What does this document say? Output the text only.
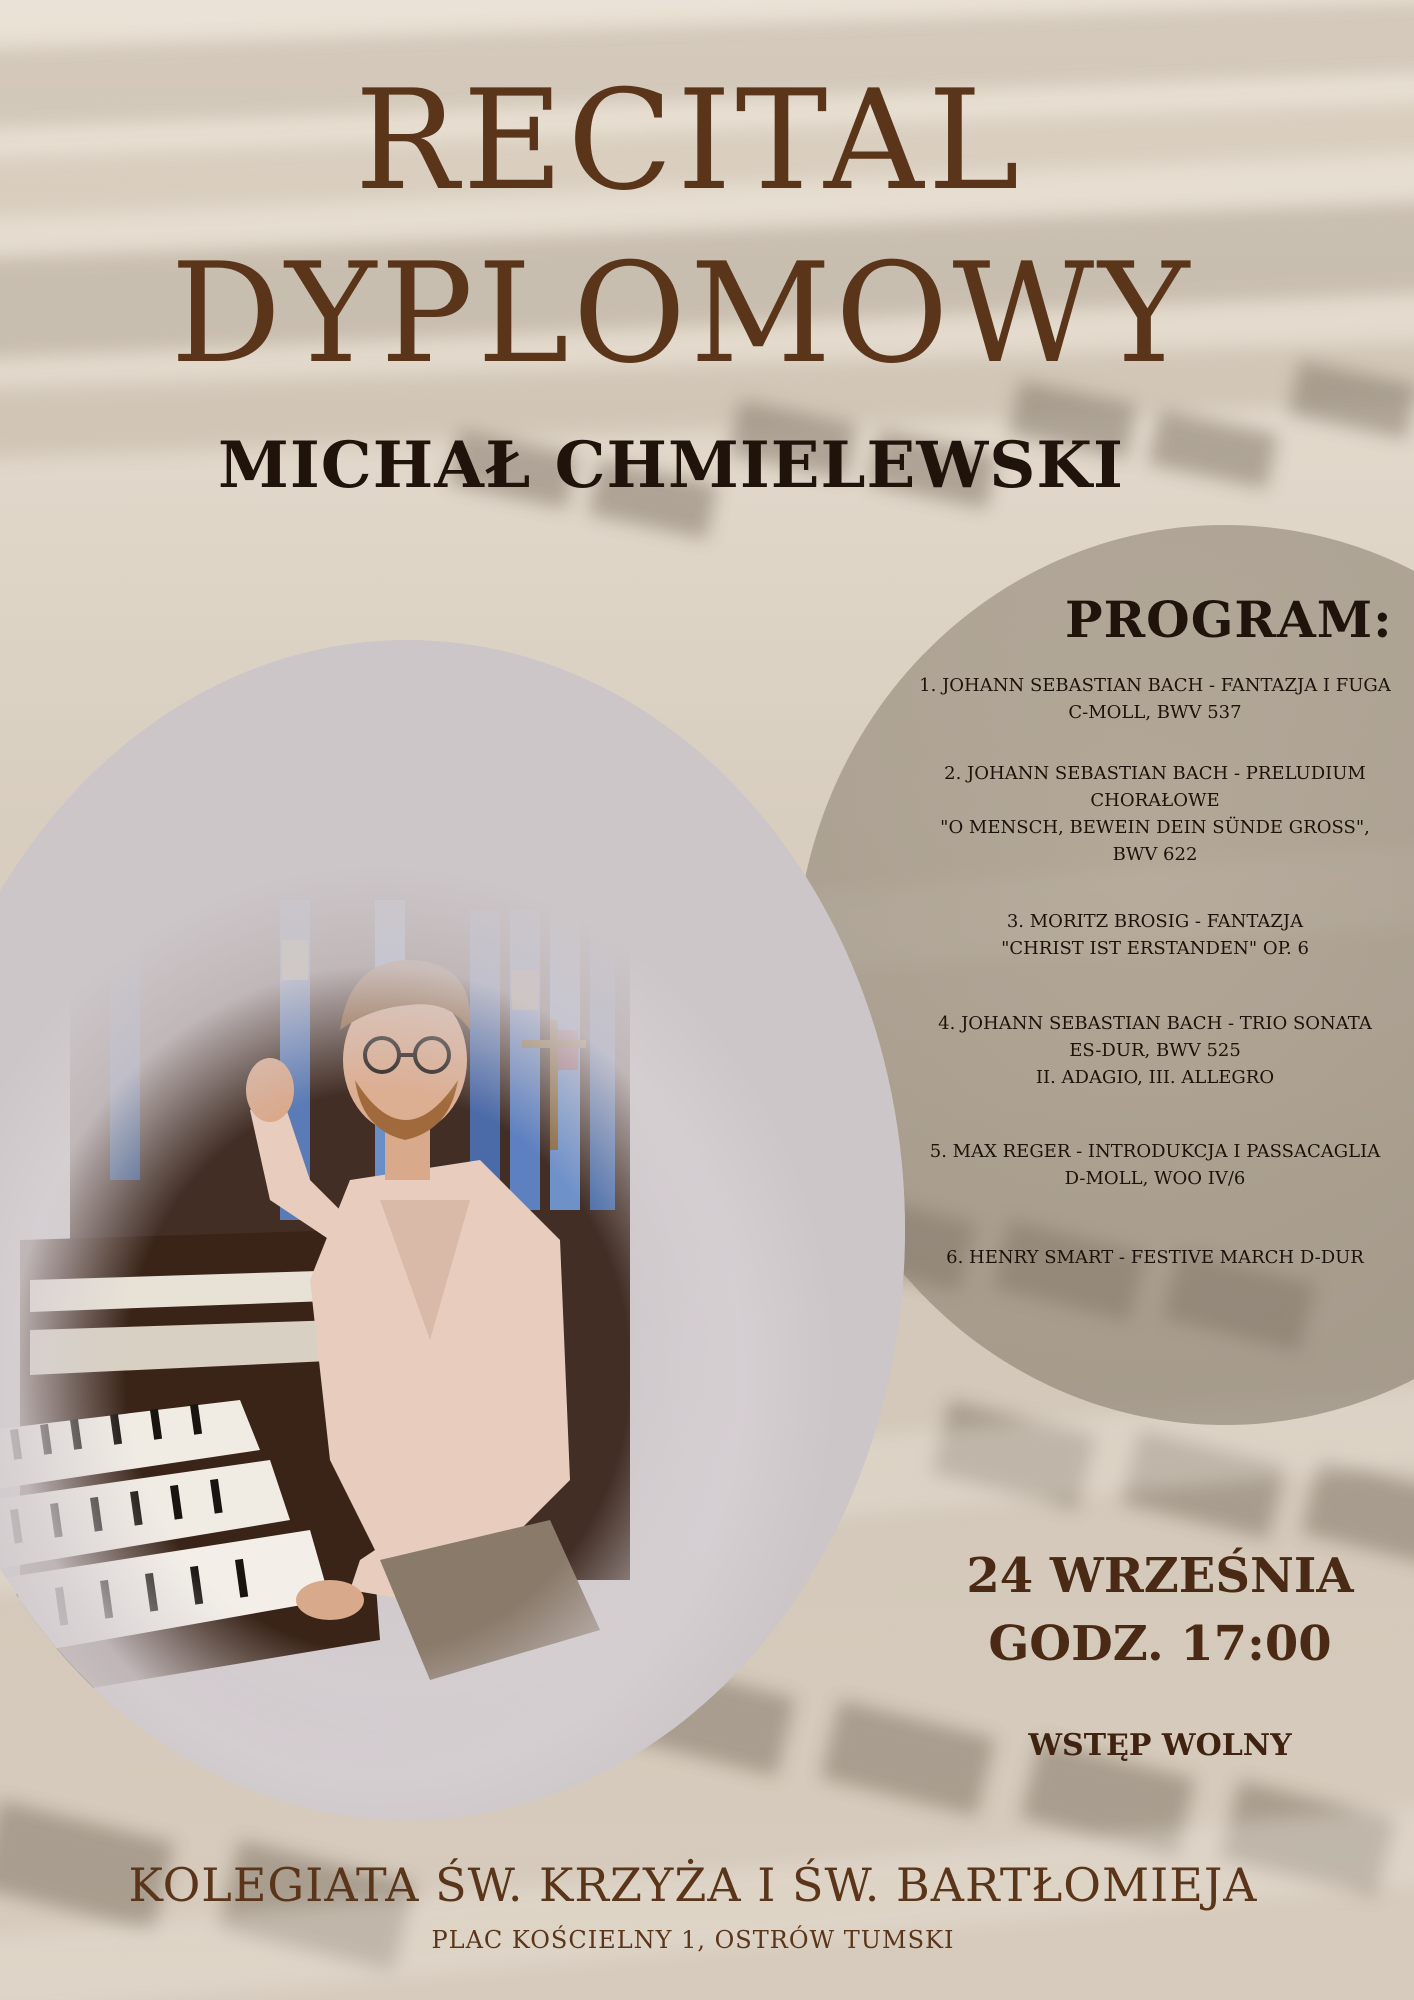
RECITAL
DYPLOMOWY
MICHAŁ CHMIELEWSKI
PROGRAM:
1. JOHANN SEBASTIAN BACH - FANTAZJA I FUGA
C-MOLL, BWV 537
2. JOHANN SEBASTIAN BACH - PRELUDIUM
CHORAŁOWE
"O MENSCH, BEWEIN DEIN SÜNDE GROSS",
BWV 622
3. MORITZ BROSIG - FANTAZJA
"CHRIST IST ERSTANDEN" OP. 6
4. JOHANN SEBASTIAN BACH - TRIO SONATA
ES-DUR, BWV 525
II. ADAGIO, III. ALLEGRO
5. MAX REGER - INTRODUKCJA I PASSACAGLIA
D-MOLL, WOO IV/6
6. HENRY SMART - FESTIVE MARCH D-DUR

24 WRZEŚNIA

GODZ. 17:00

WSTĘP WOLNY

KOLEGIATA ŚW. KRZYŻA I ŚW. BARTŁOMIEJA

PLAC KOŚCIELNY 1, OSTRÓW TUMSKI
